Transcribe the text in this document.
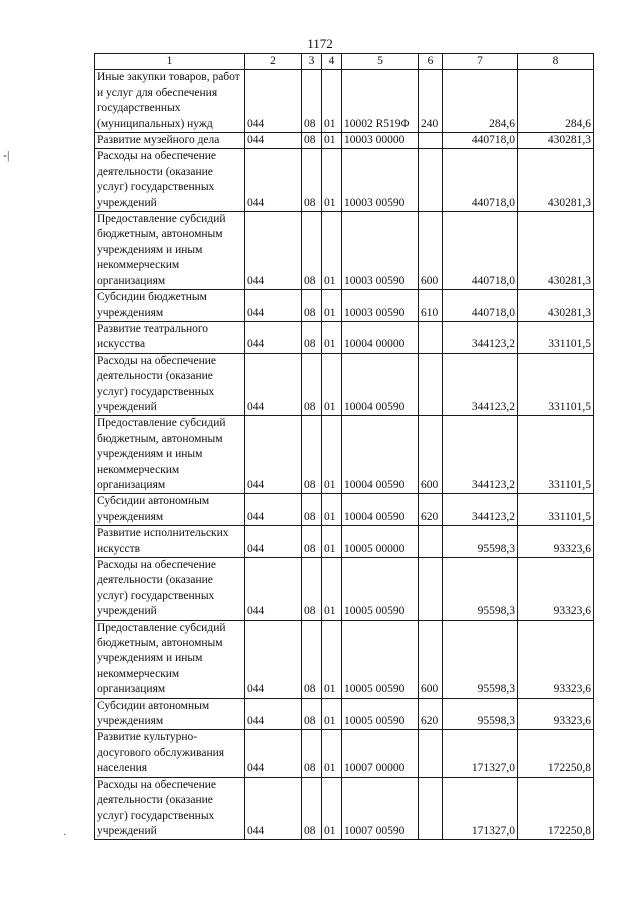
1172
-|
·
1	2	3	4	5	6	7	8
Иные закупки товаров, работ и услуг для обеспечения государственных (муниципальных) нужд	044	08	01	10002 R519Ф	240	284,6	284,6
Развитие музейного дела	044	08	01	10003 00000		440718,0	430281,3
Расходы на обеспечение деятельности (оказание услуг) государственных учреждений	044	08	01	10003 00590		440718,0	430281,3
Предоставление субсидий бюджетным, автономным учреждениям и иным некоммерческим организациям	044	08	01	10003 00590	600	440718,0	430281,3
Субсидии бюджетным учреждениям	044	08	01	10003 00590	610	440718,0	430281,3
Развитие театрального искусства	044	08	01	10004 00000		344123,2	331101,5
Расходы на обеспечение деятельности (оказание услуг) государственных учреждений	044	08	01	10004 00590		344123,2	331101,5
Предоставление субсидий бюджетным, автономным учреждениям и иным некоммерческим организациям	044	08	01	10004 00590	600	344123,2	331101,5
Субсидии автономным учреждениям	044	08	01	10004 00590	620	344123,2	331101,5
Развитие исполнительских искусств	044	08	01	10005 00000		95598,3	93323,6
Расходы на обеспечение деятельности (оказание услуг) государственных учреждений	044	08	01	10005 00590		95598,3	93323,6
Предоставление субсидий бюджетным, автономным учреждениям и иным некоммерческим организациям	044	08	01	10005 00590	600	95598,3	93323,6
Субсидии автономным учреждениям	044	08	01	10005 00590	620	95598,3	93323,6
Развитие культурно-досугового обслуживания населения	044	08	01	10007 00000		171327,0	172250,8
Расходы на обеспечение деятельности (оказание услуг) государственных учреждений	044	08	01	10007 00590		171327,0	172250,8
